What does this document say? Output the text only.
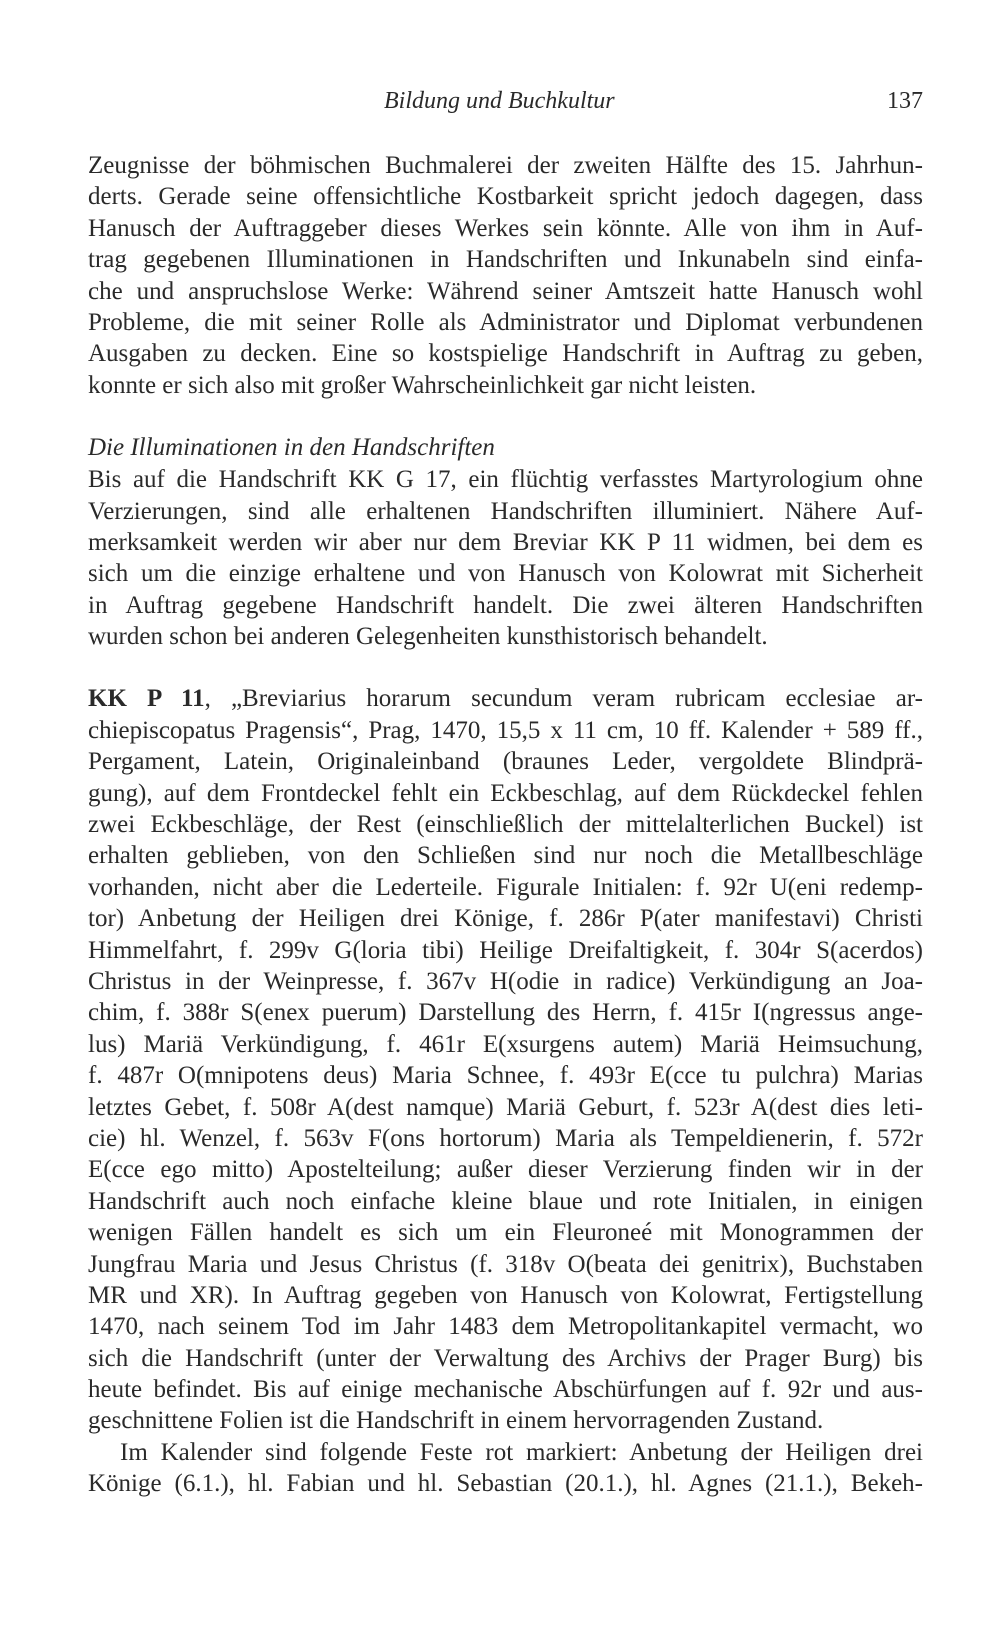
Bildung und Buchkultur	137
Zeugnisse der böhmischen Buchmalerei der zweiten Hälfte des 15. Jahrhun-
derts. Gerade seine offensichtliche Kostbarkeit spricht jedoch dagegen, dass
Hanusch der Auftraggeber dieses Werkes sein könnte. Alle von ihm in Auf-
trag gegebenen Illuminationen in Handschriften und Inkunabeln sind einfa-
che und anspruchslose Werke: Während seiner Amtszeit hatte Hanusch wohl
Probleme, die mit seiner Rolle als Administrator und Diplomat verbundenen
Ausgaben zu decken. Eine so kostspielige Handschrift in Auftrag zu geben,
konnte er sich also mit großer Wahrscheinlichkeit gar nicht leisten.
Die Illuminationen in den Handschriften
Bis auf die Handschrift KK G 17, ein flüchtig verfasstes Martyrologium ohne
Verzierungen, sind alle erhaltenen Handschriften illuminiert. Nähere Auf-
merksamkeit werden wir aber nur dem Breviar KK P 11 widmen, bei dem es
sich um die einzige erhaltene und von Hanusch von Kolowrat mit Sicherheit
in Auftrag gegebene Handschrift handelt. Die zwei älteren Handschriften
wurden schon bei anderen Gelegenheiten kunsthistorisch behandelt.
KK P 11, „Breviarius horarum secundum veram rubricam ecclesiae ar-
chiepiscopatus Pragensis“, Prag, 1470, 15,5 x 11 cm, 10 ff. Kalender + 589 ff.,
Pergament, Latein, Originaleinband (braunes Leder, vergoldete Blindprä-
gung), auf dem Frontdeckel fehlt ein Eckbeschlag, auf dem Rückdeckel fehlen
zwei Eckbeschläge, der Rest (einschließlich der mittelalterlichen Buckel) ist
erhalten geblieben, von den Schließen sind nur noch die Metallbeschläge
vorhanden, nicht aber die Lederteile. Figurale Initialen: f. 92r U(eni redemp-
tor) Anbetung der Heiligen drei Könige, f. 286r P(ater manifestavi) Christi
Himmelfahrt, f. 299v G(loria tibi) Heilige Dreifaltigkeit, f. 304r S(acerdos)
Christus in der Weinpresse, f. 367v H(odie in radice) Verkündigung an Joa-
chim, f. 388r S(enex puerum) Darstellung des Herrn, f. 415r I(ngressus ange-
lus) Mariä Verkündigung, f. 461r E(xsurgens autem) Mariä Heimsuchung,
f. 487r O(mnipotens deus) Maria Schnee, f. 493r E(cce tu pulchra) Marias
letztes Gebet, f. 508r A(dest namque) Mariä Geburt, f. 523r A(dest dies leti-
cie) hl. Wenzel, f. 563v F(ons hortorum) Maria als Tempeldienerin, f. 572r
E(cce ego mitto) Apostelteilung; außer dieser Verzierung finden wir in der
Handschrift auch noch einfache kleine blaue und rote Initialen, in einigen
wenigen Fällen handelt es sich um ein Fleuroneé mit Monogrammen der
Jungfrau Maria und Jesus Christus (f. 318v O(beata dei genitrix), Buchstaben
MR und XR). In Auftrag gegeben von Hanusch von Kolowrat, Fertigstellung
1470, nach seinem Tod im Jahr 1483 dem Metropolitankapitel vermacht, wo
sich die Handschrift (unter der Verwaltung des Archivs der Prager Burg) bis
heute befindet. Bis auf einige mechanische Abschürfungen auf f. 92r und aus-
geschnittene Folien ist die Handschrift in einem hervorragenden Zustand.
Im Kalender sind folgende Feste rot markiert: Anbetung der Heiligen drei
Könige (6.1.), hl. Fabian und hl. Sebastian (20.1.), hl. Agnes (21.1.), Bekeh-
